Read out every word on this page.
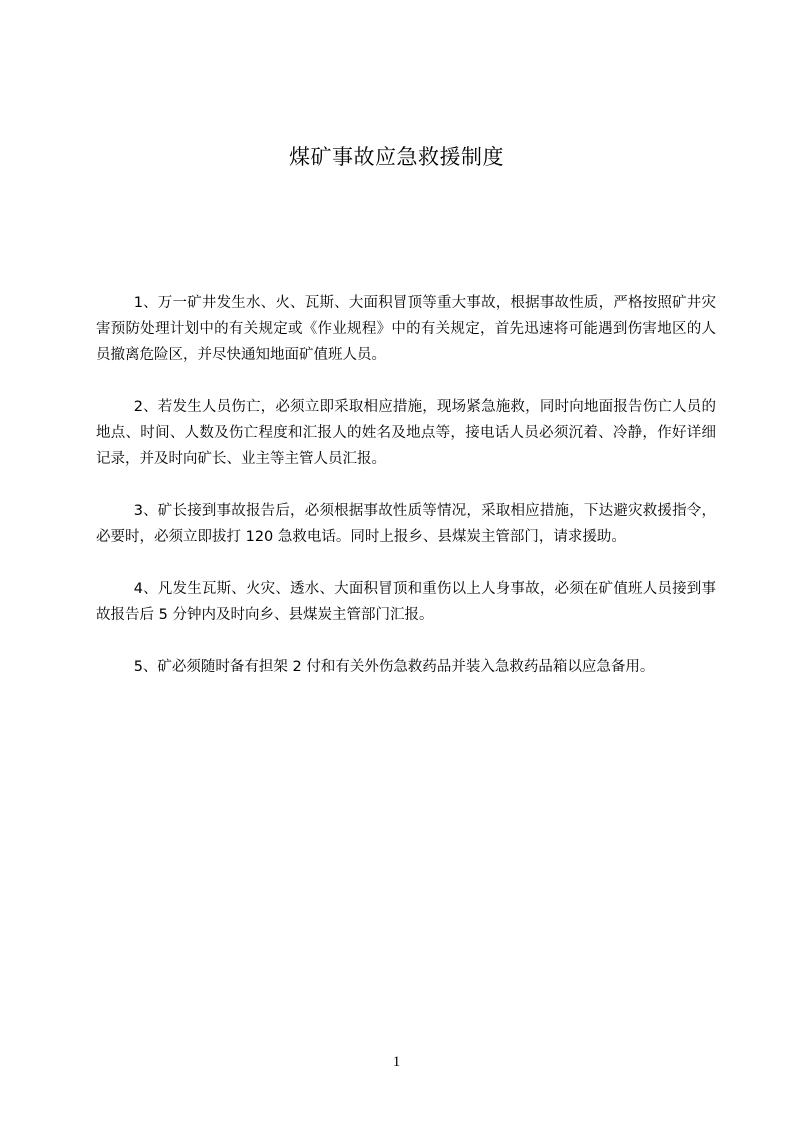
煤矿事故应急救援制度

1、万一矿井发生水、火、瓦斯、大面积冒顶等重大事故，根据事故性质，严格按照矿井灾害预防处理计划中的有关规定或《作业规程》中的有关规定，首先迅速将可能遇到伤害地区的人员撤离危险区，并尽快通知地面矿值班人员。

2、若发生人员伤亡，必须立即采取相应措施，现场紧急施救，同时向地面报告伤亡人员的地点、时间、人数及伤亡程度和汇报人的姓名及地点等，接电话人员必须沉着、冷静，作好详细记录，并及时向矿长、业主等主管人员汇报。

3、矿长接到事故报告后，必须根据事故性质等情况，采取相应措施，下达避灾救援指令，必要时，必须立即拔打 120 急救电话。同时上报乡、县煤炭主管部门，请求援助。

4、凡发生瓦斯、火灾、透水、大面积冒顶和重伤以上人身事故，必须在矿值班人员接到事故报告后 5 分钟内及时向乡、县煤炭主管部门汇报。

5、矿必须随时备有担架 2 付和有关外伤急救药品并装入急救药品箱以应急备用。

1
